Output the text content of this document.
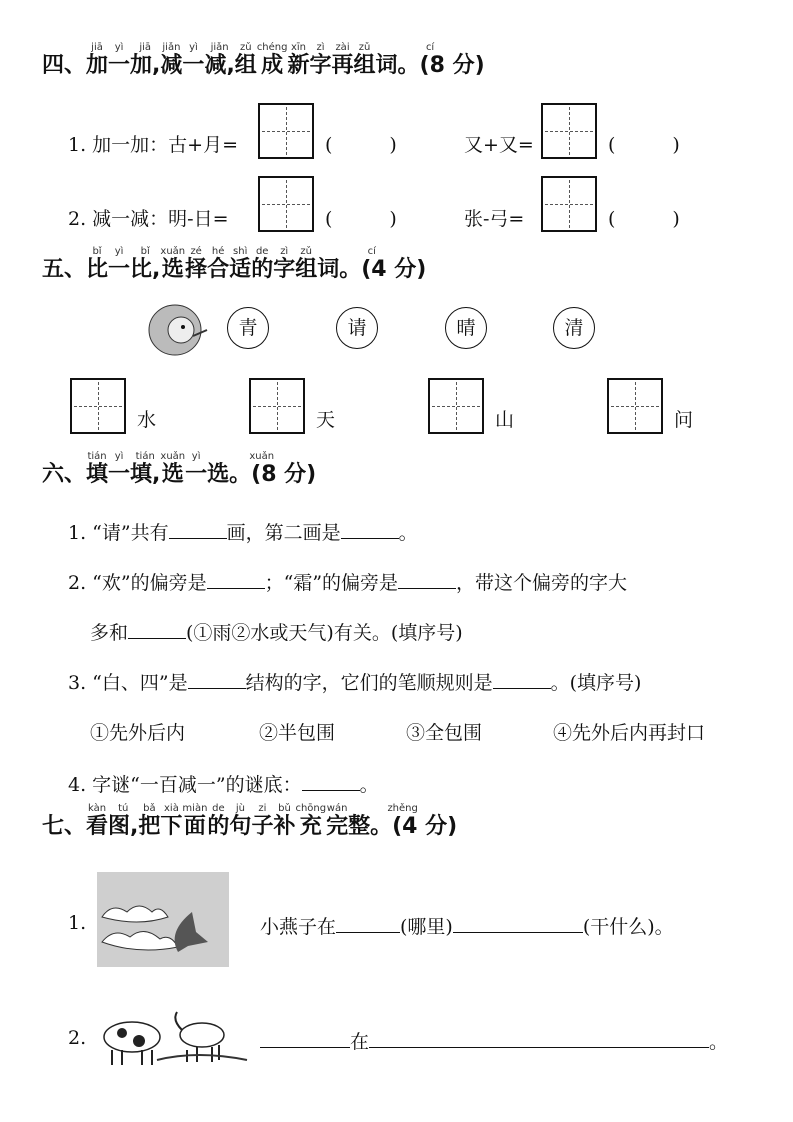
四、加jiā一yì加,jiā减jiǎn一yì减,jiǎn组zǔ成chéng新xīn字zì再zài组zǔ词。(8 分)cí
1. 加一加：古+月=	(　　　)	又+又=	(　　　)
2. 减一减：明-日=	(　　　)	张-弓=	(　　　)
五、比bǐ一yì比,bǐ选xuǎn择zé合hé适shì的de字zì组zǔ词。(4 分)cí
青	请	晴	清
水	天	山	问
六、填tián一yì填,tián选xuǎn一yì选。(8 分)xuǎn
1. “请”共有	画，第二画是	。
2. “欢”的偏旁是	；“霜”的偏旁是	，带这个偏旁的字大
多和	(①雨②水或天气)有关。(填序号)
3. “白、四”是	结构的字，它们的笔顺规则是	。(填序号)
①先外后内	②半包围	③全包围	④先外后内再封口
4. 字谜“一百减一”的谜底：	。
七、看kàn图,tú把bǎ下xià面miàn的de句jù子zi补bǔ充chōng完wán整。(4 分)zhěng
1.	小燕子在	(哪里)	(干什么)。
2.	在	。
